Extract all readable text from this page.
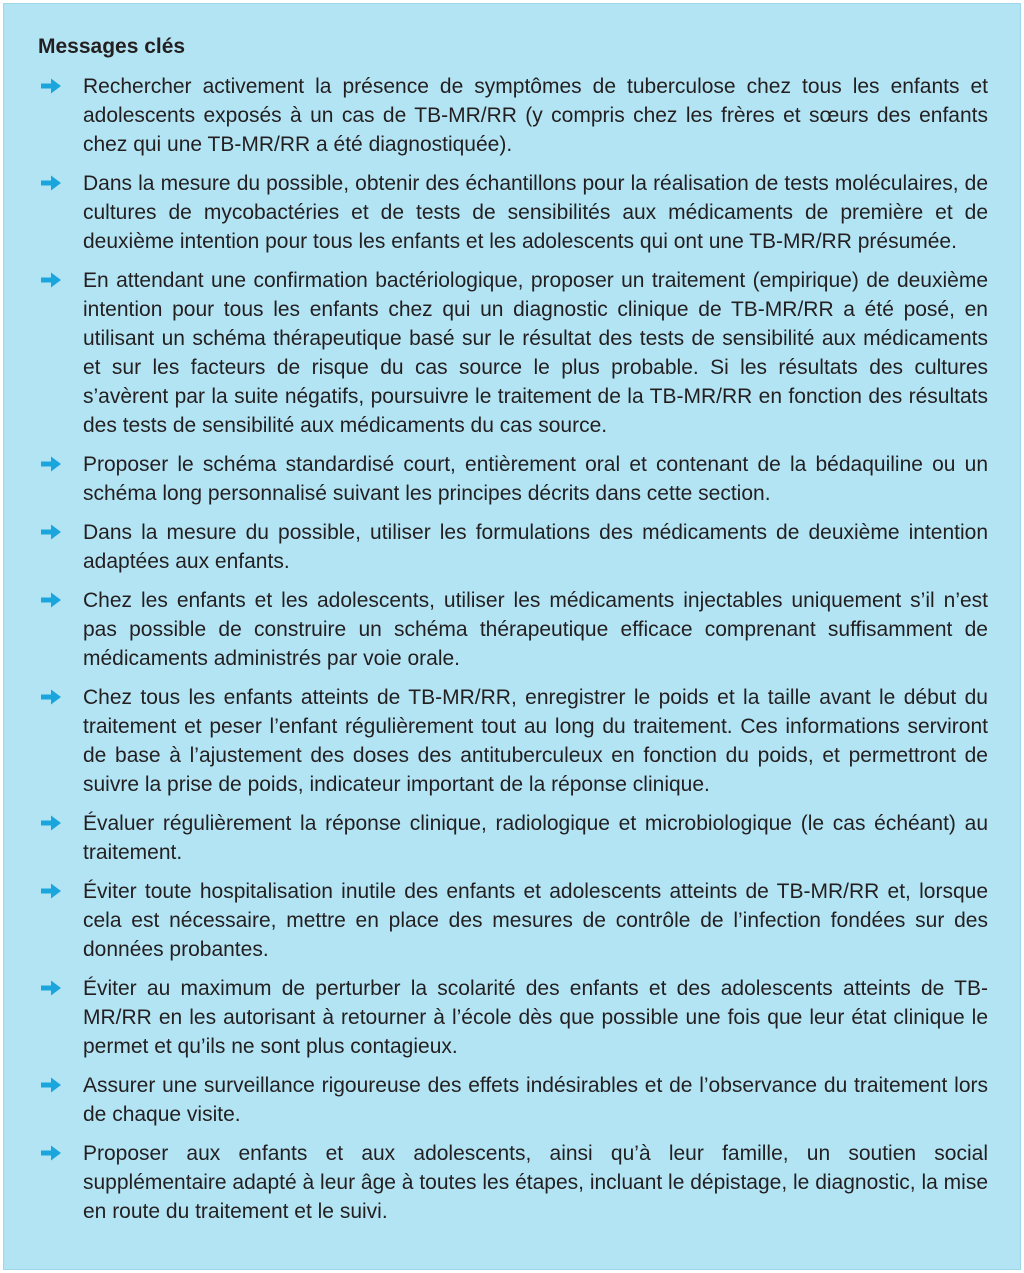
Messages clés
Rechercher activement la présence de symptômes de tuberculose chez tous les enfants et adolescents exposés à un cas de TB-MR/RR (y compris chez les frères et sœurs des enfants chez qui une TB-MR/RR a été diagnostiquée).
Dans la mesure du possible, obtenir des échantillons pour la réalisation de tests moléculaires, de cultures de mycobactéries et de tests de sensibilités aux médicaments de première et de deuxième intention pour tous les enfants et les adolescents qui ont une TB-MR/RR présumée.
En attendant une confirmation bactériologique, proposer un traitement (empirique) de deuxième intention pour tous les enfants chez qui un diagnostic clinique de TB-MR/RR a été posé, en utilisant un schéma thérapeutique basé sur le résultat des tests de sensibilité aux médicaments et sur les facteurs de risque du cas source le plus probable. Si les résultats des cultures s’avèrent par la suite négatifs, poursuivre le traitement de la TB-MR/RR en fonction des résultats des tests de sensibilité aux médicaments du cas source.
Proposer le schéma standardisé court, entièrement oral et contenant de la bédaquiline ou un schéma long personnalisé suivant les principes décrits dans cette section.
Dans la mesure du possible, utiliser les formulations des médicaments de deuxième intention adaptées aux enfants.
Chez les enfants et les adolescents, utiliser les médicaments injectables uniquement s’il n’est pas possible de construire un schéma thérapeutique efficace comprenant suffisamment de médicaments administrés par voie orale.
Chez tous les enfants atteints de TB-MR/RR, enregistrer le poids et la taille avant le début du traitement et peser l’enfant régulièrement tout au long du traitement. Ces informations serviront de base à l’ajustement des doses des antituberculeux en fonction du poids, et permettront de suivre la prise de poids, indicateur important de la réponse clinique.
Évaluer régulièrement la réponse clinique, radiologique et microbiologique (le cas échéant) au traitement.
Éviter toute hospitalisation inutile des enfants et adolescents atteints de TB-MR/RR et, lorsque cela est nécessaire, mettre en place des mesures de contrôle de l’infection fondées sur des données probantes.
Éviter au maximum de perturber la scolarité des enfants et des adolescents atteints de TB-MR/RR en les autorisant à retourner à l’école dès que possible une fois que leur état clinique le permet et qu’ils ne sont plus contagieux.
Assurer une surveillance rigoureuse des effets indésirables et de l’observance du traitement lors de chaque visite.
Proposer aux enfants et aux adolescents, ainsi qu’à leur famille, un soutien social supplémentaire adapté à leur âge à toutes les étapes, incluant le dépistage, le diagnostic, la mise en route du traitement et le suivi.
